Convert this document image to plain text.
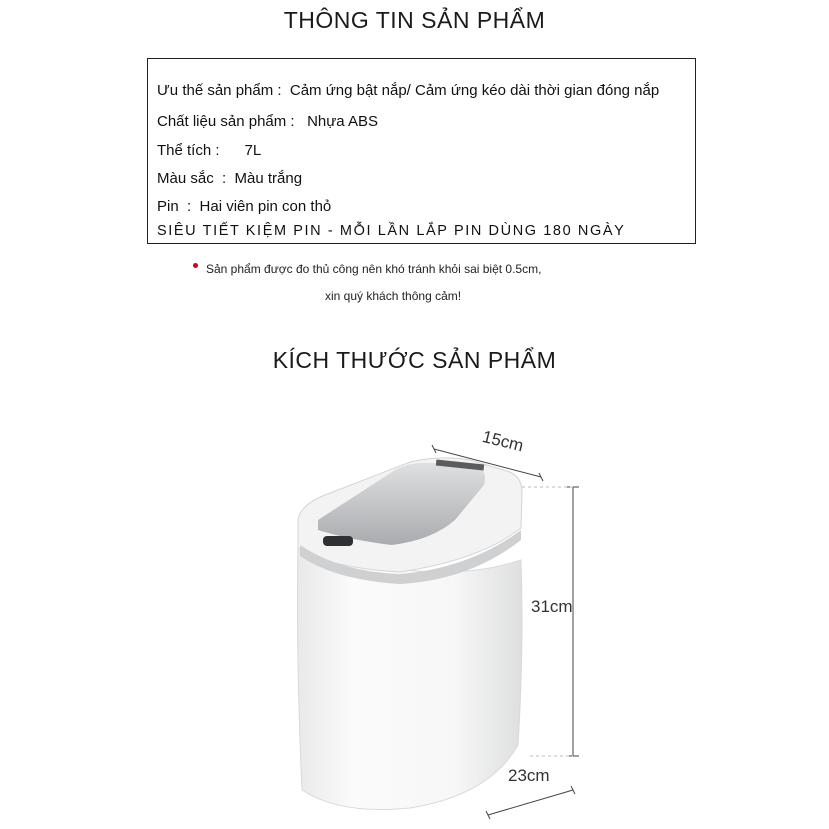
THÔNG TIN SẢN PHẨM
Ưu thế sản phẩm :  Cảm ứng bật nắp/ Cảm ứng kéo dài thời gian đóng nắp
Chất liệu sản phẩm :   Nhựa ABS
Thể tích :      7L
Màu sắc  :  Màu trắng
Pin  :  Hai viên pin con thỏ
SIÊU TIẾT KIỆM PIN - MỖI LẦN LẮP PIN DÙNG 180 NGÀY
Sản phẩm được đo thủ công nên khó tránh khỏi sai biệt 0.5cm,
xin quý khách thông cảm!
KÍCH THƯỚC SẢN PHẨM
15cm
31cm
23cm
